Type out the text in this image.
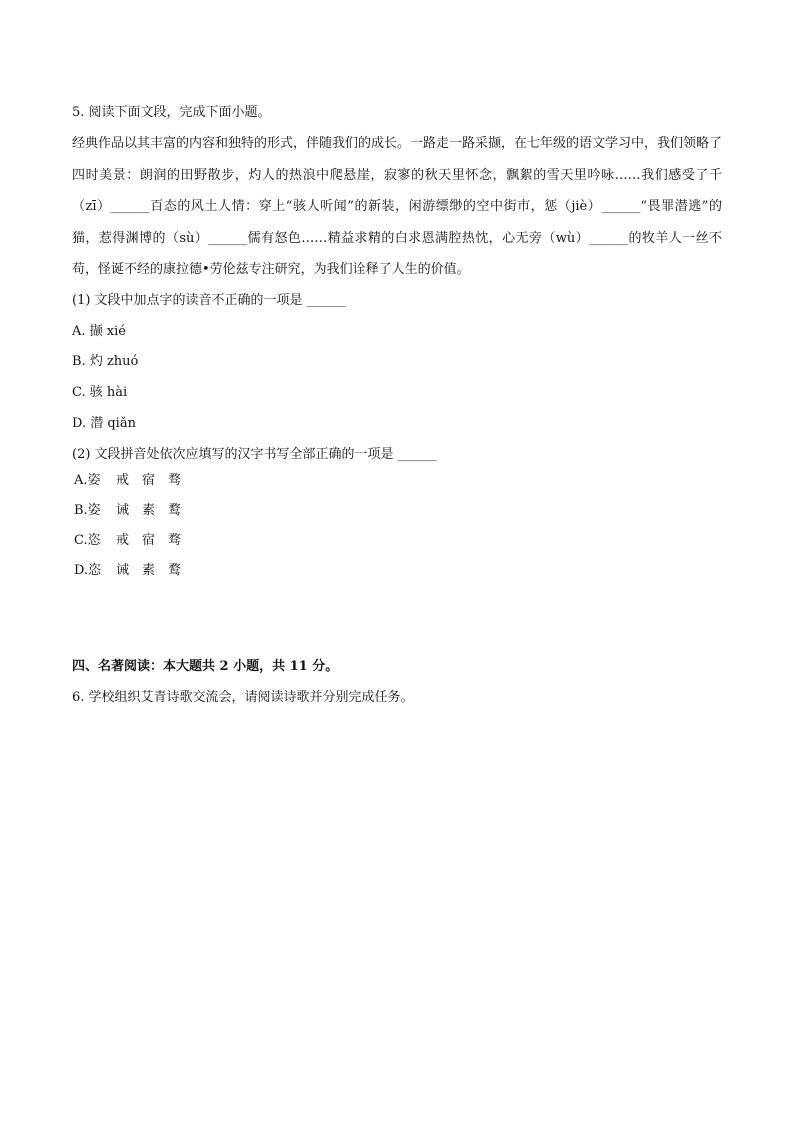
5. 阅读下面文段，完成下面小题。
经典作品以其丰富的内容和独特的形式，伴随我们的成长。一路走一路采撷，在七年级的语文学习中，我们领略了四时美景：朗润的田野散步，灼人的热浪中爬悬崖，寂寥的秋天里怀念，飘絮的雪天里吟咏……我们感受了千（zī）______百态的风土人情：穿上“骇人听闻”的新装，闲游缥缈的空中街市，惩（jiè）______“畏罪潜逃”的猫，惹得渊博的（sù）______儒有怒色……精益求精的白求恩满腔热忱，心无旁（wù）______的牧羊人一丝不苟，怪诞不经的康拉德•劳伦兹专注研究，为我们诠释了人生的价值。
(1) 文段中加点字的读音不正确的一项是 ______
A. 撷 xié
B. 灼 zhuó
C. 骇 hài
D. 潜 qiǎn
(2) 文段拼音处依次应填写的汉字书写全部正确的一项是 ______
A.姿 戒 宿 骛
B.姿 诫 素 鹜
C.恣 戒 宿 骛
D.恣 诫 素 鹜
四、名著阅读：本大题共 2 小题，共 11 分。
6. 学校组织艾青诗歌交流会，请阅读诗歌并分别完成任务。
